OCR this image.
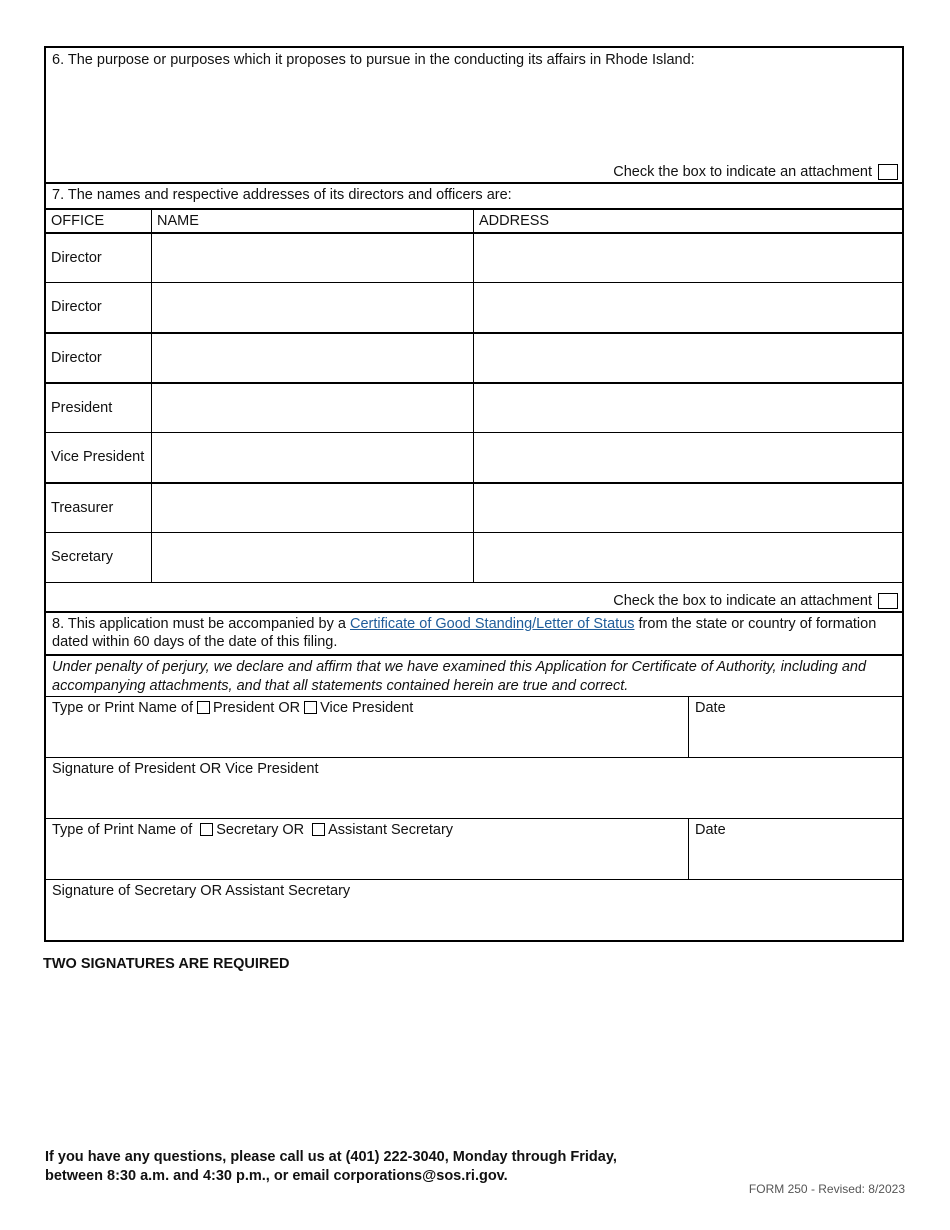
6. The purpose or purposes which it proposes to pursue in the conducting its affairs in Rhode Island:
Check the box to indicate an attachment
7. The names and respective addresses of its directors and officers are:
OFFICE	NAME	ADDRESS
Director
Director
Director
President
Vice President
Treasurer
Secretary
Check the box to indicate an attachment
8. This application must be accompanied by a Certificate of Good Standing/Letter of Status from the state or country of formation dated within 60 days of the date of this filing.
Under penalty of perjury, we declare and affirm that we have examined this Application for Certificate of Authority, including and accompanying attachments, and that all statements contained herein are true and correct.
Type or Print Name of President OR Vice President	Date
Signature of President OR Vice President
Type of Print Name of Secretary OR Assistant Secretary	Date
Signature of Secretary OR Assistant Secretary
TWO SIGNATURES ARE REQUIRED
If you have any questions, please call us at (401) 222-3040, Monday through Friday,
between 8:30 a.m. and 4:30 p.m., or email corporations@sos.ri.gov.
FORM 250 - Revised: 8/2023
